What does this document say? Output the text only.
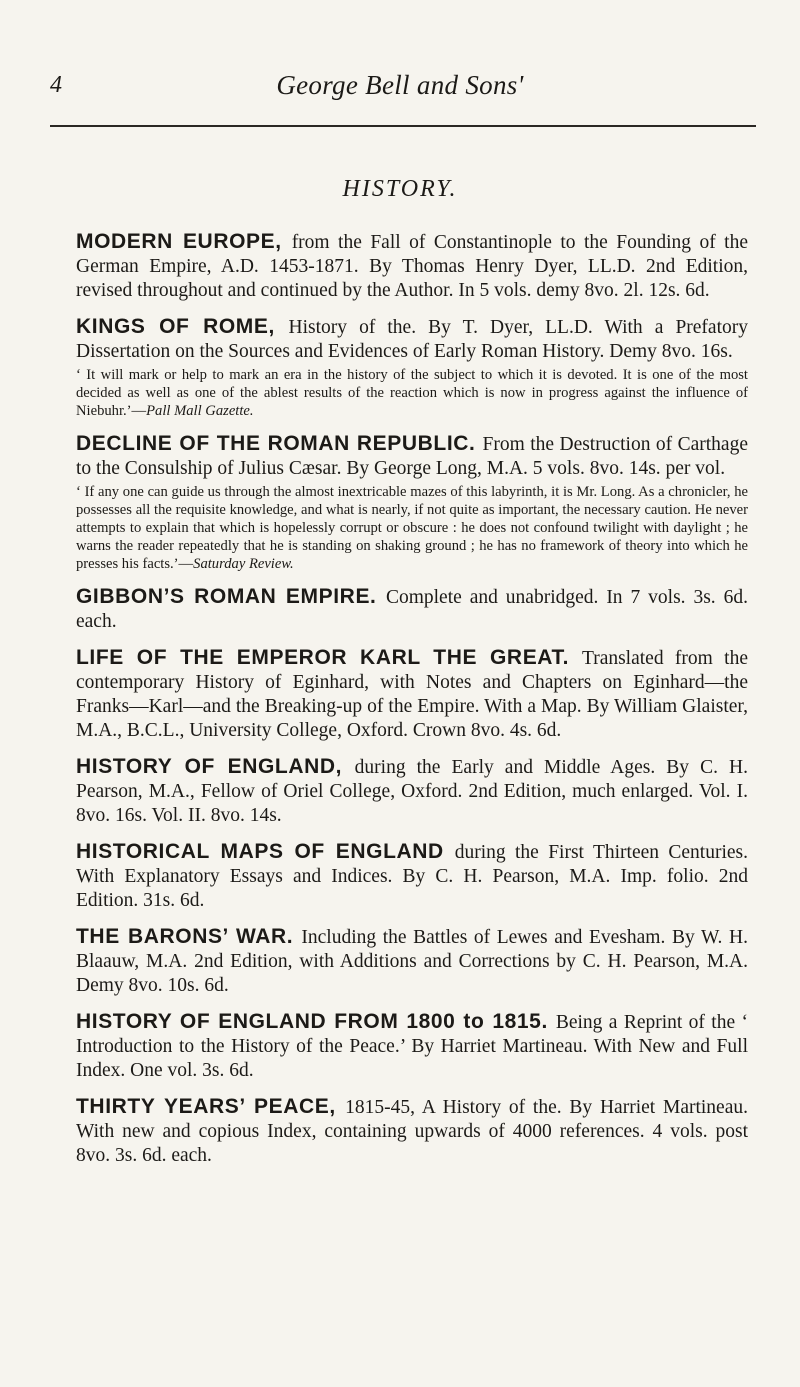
4	George Bell and Sons'
HISTORY.
MODERN EUROPE, from the Fall of Constantinople to the Founding of the German Empire, A.D. 1453-1871. By Thomas Henry Dyer, LL.D. 2nd Edition, revised throughout and continued by the Author. In 5 vols. demy 8vo. 2l. 12s. 6d.
KINGS OF ROME, History of the. By T. Dyer, LL.D. With a Prefatory Dissertation on the Sources and Evidences of Early Roman History. Demy 8vo. 16s.
‘ It will mark or help to mark an era in the history of the subject to which it is devoted. It is one of the most decided as well as one of the ablest results of the reaction which is now in progress against the influence of Niebuhr.’—Pall Mall Gazette.
DECLINE OF THE ROMAN REPUBLIC. From the Destruction of Carthage to the Consulship of Julius Cæsar. By George Long, M.A. 5 vols. 8vo. 14s. per vol.
‘ If any one can guide us through the almost inextricable mazes of this labyrinth, it is Mr. Long. As a chronicler, he possesses all the requisite knowledge, and what is nearly, if not quite as important, the necessary caution. He never attempts to explain that which is hopelessly corrupt or obscure : he does not confound twilight with daylight ; he warns the reader repeatedly that he is standing on shaking ground ; he has no framework of theory into which he presses his facts.’—Saturday Review.
GIBBON’S ROMAN EMPIRE. Complete and unabridged. In 7 vols. 3s. 6d. each.
LIFE OF THE EMPEROR KARL THE GREAT. Translated from the contemporary History of Eginhard, with Notes and Chapters on Eginhard—the Franks—Karl—and the Breaking-up of the Empire. With a Map. By William Glaister, M.A., B.C.L., University College, Oxford. Crown 8vo. 4s. 6d.
HISTORY OF ENGLAND, during the Early and Middle Ages. By C. H. Pearson, M.A., Fellow of Oriel College, Oxford. 2nd Edition, much enlarged. Vol. I. 8vo. 16s. Vol. II. 8vo. 14s.
HISTORICAL MAPS OF ENGLAND during the First Thirteen Centuries. With Explanatory Essays and Indices. By C. H. Pearson, M.A. Imp. folio. 2nd Edition. 31s. 6d.
THE BARONS’ WAR. Including the Battles of Lewes and Evesham. By W. H. Blaauw, M.A. 2nd Edition, with Additions and Corrections by C. H. Pearson, M.A. Demy 8vo. 10s. 6d.
HISTORY OF ENGLAND FROM 1800 to 1815. Being a Reprint of the ‘ Introduction to the History of the Peace.’ By Harriet Martineau. With New and Full Index. One vol. 3s. 6d.
THIRTY YEARS’ PEACE, 1815-45, A History of the. By Harriet Martineau. With new and copious Index, containing upwards of 4000 references. 4 vols. post 8vo. 3s. 6d. each.
